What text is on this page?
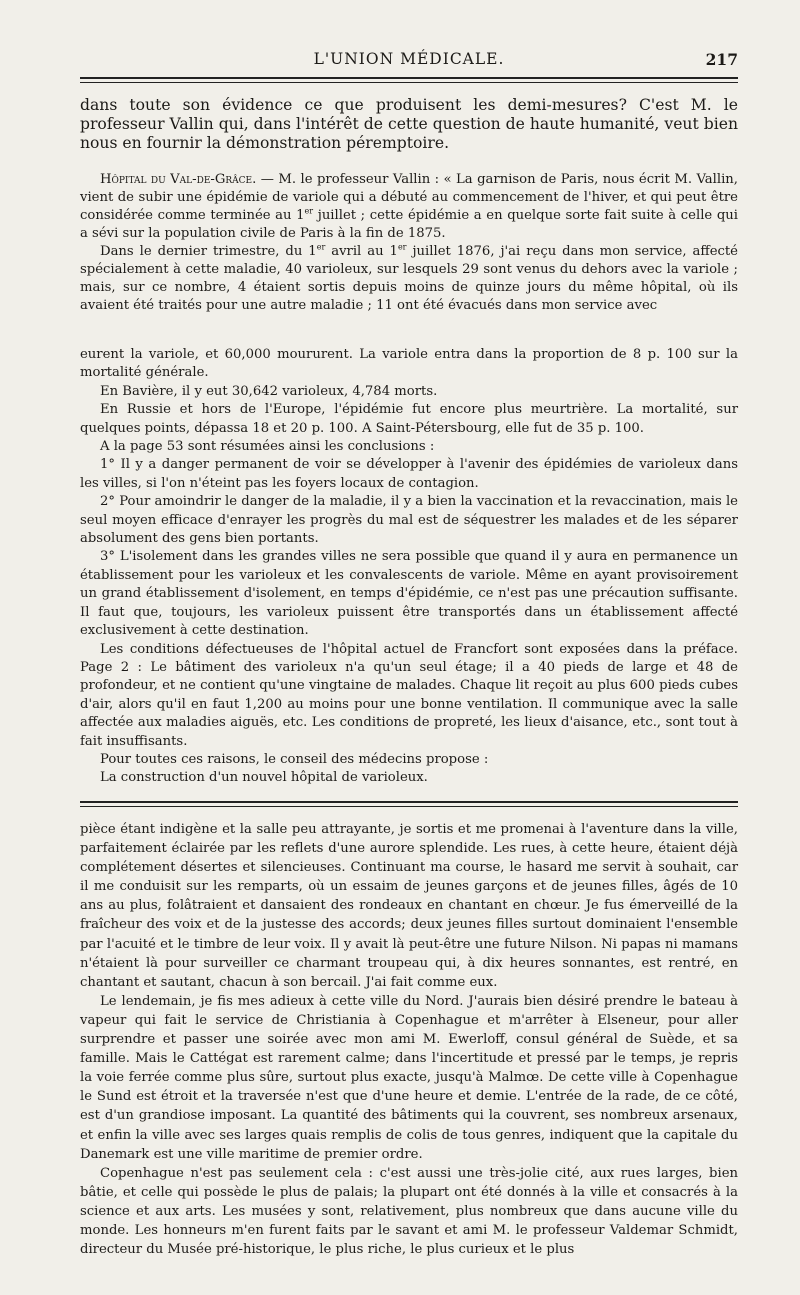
L'UNION MÉDICALE.	217

dans toute son évidence ce que produisent les demi-mesures? C'est M. le professeur Vallin qui, dans l'intérêt de cette question de haute humanité, veut bien nous en fournir la démonstration péremptoire.

Hôpital du Val-de-Grâce. — M. le professeur Vallin : « La garnison de Paris, nous écrit M. Vallin, vient de subir une épidémie de variole qui a débuté au commencement de l'hiver, et qui peut être considérée comme terminée au 1er juillet ; cette épidémie a en quelque sorte fait suite à celle qui a sévi sur la population civile de Paris à la fin de 1875.

Dans le dernier trimestre, du 1er avril au 1er juillet 1876, j'ai reçu dans mon service, affecté spécialement à cette maladie, 40 varioleux, sur lesquels 29 sont venus du dehors avec la variole ; mais, sur ce nombre, 4 étaient sortis depuis moins de quinze jours du même hôpital, où ils avaient été traités pour une autre maladie ; 11 ont été évacués dans mon service avec

eurent la variole, et 60,000 moururent. La variole entra dans la proportion de 8 p. 100 sur la mortalité générale.

En Bavière, il y eut 30,642 varioleux, 4,784 morts.

En Russie et hors de l'Europe, l'épidémie fut encore plus meurtrière. La mortalité, sur quelques points, dépassa 18 et 20 p. 100. A Saint-Pétersbourg, elle fut de 35 p. 100.

A la page 53 sont résumées ainsi les conclusions :

1° Il y a danger permanent de voir se développer à l'avenir des épidémies de varioleux dans les villes, si l'on n'éteint pas les foyers locaux de contagion.

2° Pour amoindrir le danger de la maladie, il y a bien la vaccination et la revaccination, mais le seul moyen efficace d'enrayer les progrès du mal est de séquestrer les malades et de les séparer absolument des gens bien portants.

3° L'isolement dans les grandes villes ne sera possible que quand il y aura en permanence un établissement pour les varioleux et les convalescents de variole. Même en ayant provisoirement un grand établissement d'isolement, en temps d'épidémie, ce n'est pas une précaution suffisante. Il faut que, toujours, les varioleux puissent être transportés dans un établissement affecté exclusivement à cette destination.

Les conditions défectueuses de l'hôpital actuel de Francfort sont exposées dans la préface. Page 2 : Le bâtiment des varioleux n'a qu'un seul étage; il a 40 pieds de large et 48 de profondeur, et ne contient qu'une vingtaine de malades. Chaque lit reçoit au plus 600 pieds cubes d'air, alors qu'il en faut 1,200 au moins pour une bonne ventilation. Il communique avec la salle affectée aux maladies aiguës, etc. Les conditions de propreté, les lieux d'aisance, etc., sont tout à fait insuffisants.

Pour toutes ces raisons, le conseil des médecins propose :

La construction d'un nouvel hôpital de varioleux.

pièce étant indigène et la salle peu attrayante, je sortis et me promenai à l'aventure dans la ville, parfaitement éclairée par les reflets d'une aurore splendide. Les rues, à cette heure, étaient déjà complétement désertes et silencieuses. Continuant ma course, le hasard me servit à souhait, car il me conduisit sur les remparts, où un essaim de jeunes garçons et de jeunes filles, âgés de 10 ans au plus, folâtraient et dansaient des rondeaux en chantant en chœur. Je fus émerveillé de la fraîcheur des voix et de la justesse des accords; deux jeunes filles surtout dominaient l'ensemble par l'acuité et le timbre de leur voix. Il y avait là peut-être une future Nilson. Ni papas ni mamans n'étaient là pour surveiller ce charmant troupeau qui, à dix heures sonnantes, est rentré, en chantant et sautant, chacun à son bercail. J'ai fait comme eux.

Le lendemain, je fis mes adieux à cette ville du Nord. J'aurais bien désiré prendre le bateau à vapeur qui fait le service de Christiania à Copenhague et m'arrêter à Elseneur, pour aller surprendre et passer une soirée avec mon ami M. Ewerloff, consul général de Suède, et sa famille. Mais le Cattégat est rarement calme; dans l'incertitude et pressé par le temps, je repris la voie ferrée comme plus sûre, surtout plus exacte, jusqu'à Malmœ. De cette ville à Copenhague le Sund est étroit et la traversée n'est que d'une heure et demie. L'entrée de la rade, de ce côté, est d'un grandiose imposant. La quantité des bâtiments qui la couvrent, ses nombreux arsenaux, et enfin la ville avec ses larges quais remplis de colis de tous genres, indiquent que la capitale du Danemark est une ville maritime de premier ordre.

Copenhague n'est pas seulement cela : c'est aussi une très-jolie cité, aux rues larges, bien bâtie, et celle qui possède le plus de palais; la plupart ont été donnés à la ville et consacrés à la science et aux arts. Les musées y sont, relativement, plus nombreux que dans aucune ville du monde. Les honneurs m'en furent faits par le savant et ami M. le professeur Valdemar Schmidt, directeur du Musée pré-historique, le plus riche, le plus curieux et le plus
